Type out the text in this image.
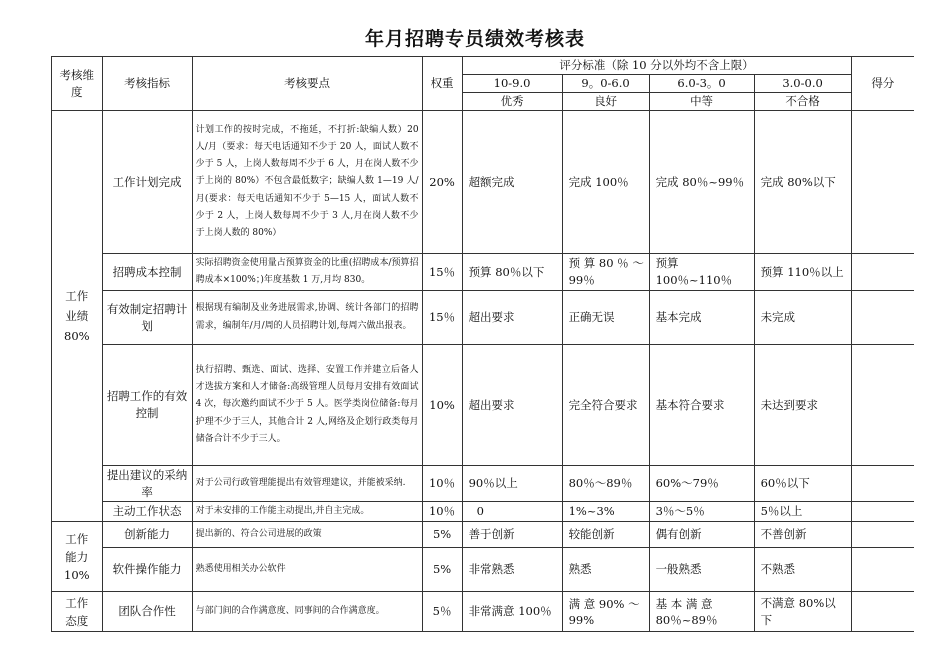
年月招聘专员绩效考核表
考核维度	考核指标	考核要点	权重	评分标准（除 10 分以外均不含上限）				得分
				10-9.0	9。0-6.0	6.0-3。0	3.0-0.0	
				优秀	良好	中等	不合格	
工作业绩80%	工作计划完成	计划工作的按时完成，不拖延，不打折:缺编人数）20 人/月（要求：每天电话通知不少于 20 人，面试人数不少于 5 人，上岗人数每周不少于 6 人，月在岗人数不少于上岗的 80%）不包含最低数字；缺编人数 1—19 人/月(要求：每天电话通知不少于 5—15 人，面试人数不少于 2 人，上岗人数每周不少于 3 人,月在岗人数不少于上岗人数的 80%）	20%	超额完成	完成 100％	完成 80％~99％	完成 80%以下	
	招聘成本控制	实际招聘资金使用量占预算资金的比重(招聘成本/预算招聘成本×100%；)年度基数 1 万,月均 830。	15％	预算 80％以下	预 算 80 ％ ～ 99％	预算 100％~110％	预算 110％以上	
	有效制定招聘计划	根据现有编制及业务进展需求,协调、统计各部门的招聘需求，编制年/月/周的人员招聘计划,每周六做出报表。	15％	超出要求	正确无误	基本完成	未完成	
	招聘工作的有效控制	执行招聘、甄选、面试、选择、安置工作并建立后备人才选拔方案和人才储备:高级管理人员每月安排有效面试 4 次，每次邀约面试不少于 5 人。医学类岗位储备:每月护理不少于三人，其他合计 2 人,网络及企划行政类每月储备合计不少于三人。	10%	超出要求	完全符合要求	基本符合要求	未达到要求	
	提出建议的采纳率	对于公司行政管理能提出有效管理建议，并能被采纳.	10％	90％以上	80％～89％	60%～79％	60％以下	
	主动工作状态	对于未安排的工作能主动提出,并自主完成。	10％	0	1%~3%	3％～5％	5％以上	
工作能力10%	创新能力	提出新的、符合公司进展的政策	5%	善于创新	较能创新	偶有创新	不善创新	
	软件操作能力	熟悉使用相关办公软件	5%	非常熟悉	熟悉	一般熟悉	不熟悉	
工作态度	团队合作性	与部门间的合作满意度、同事间的合作满意度。	5％	非常满意 100％	满 意 90% ～ 99%	基 本 满 意 80％~89％	不满意 80%以下	
